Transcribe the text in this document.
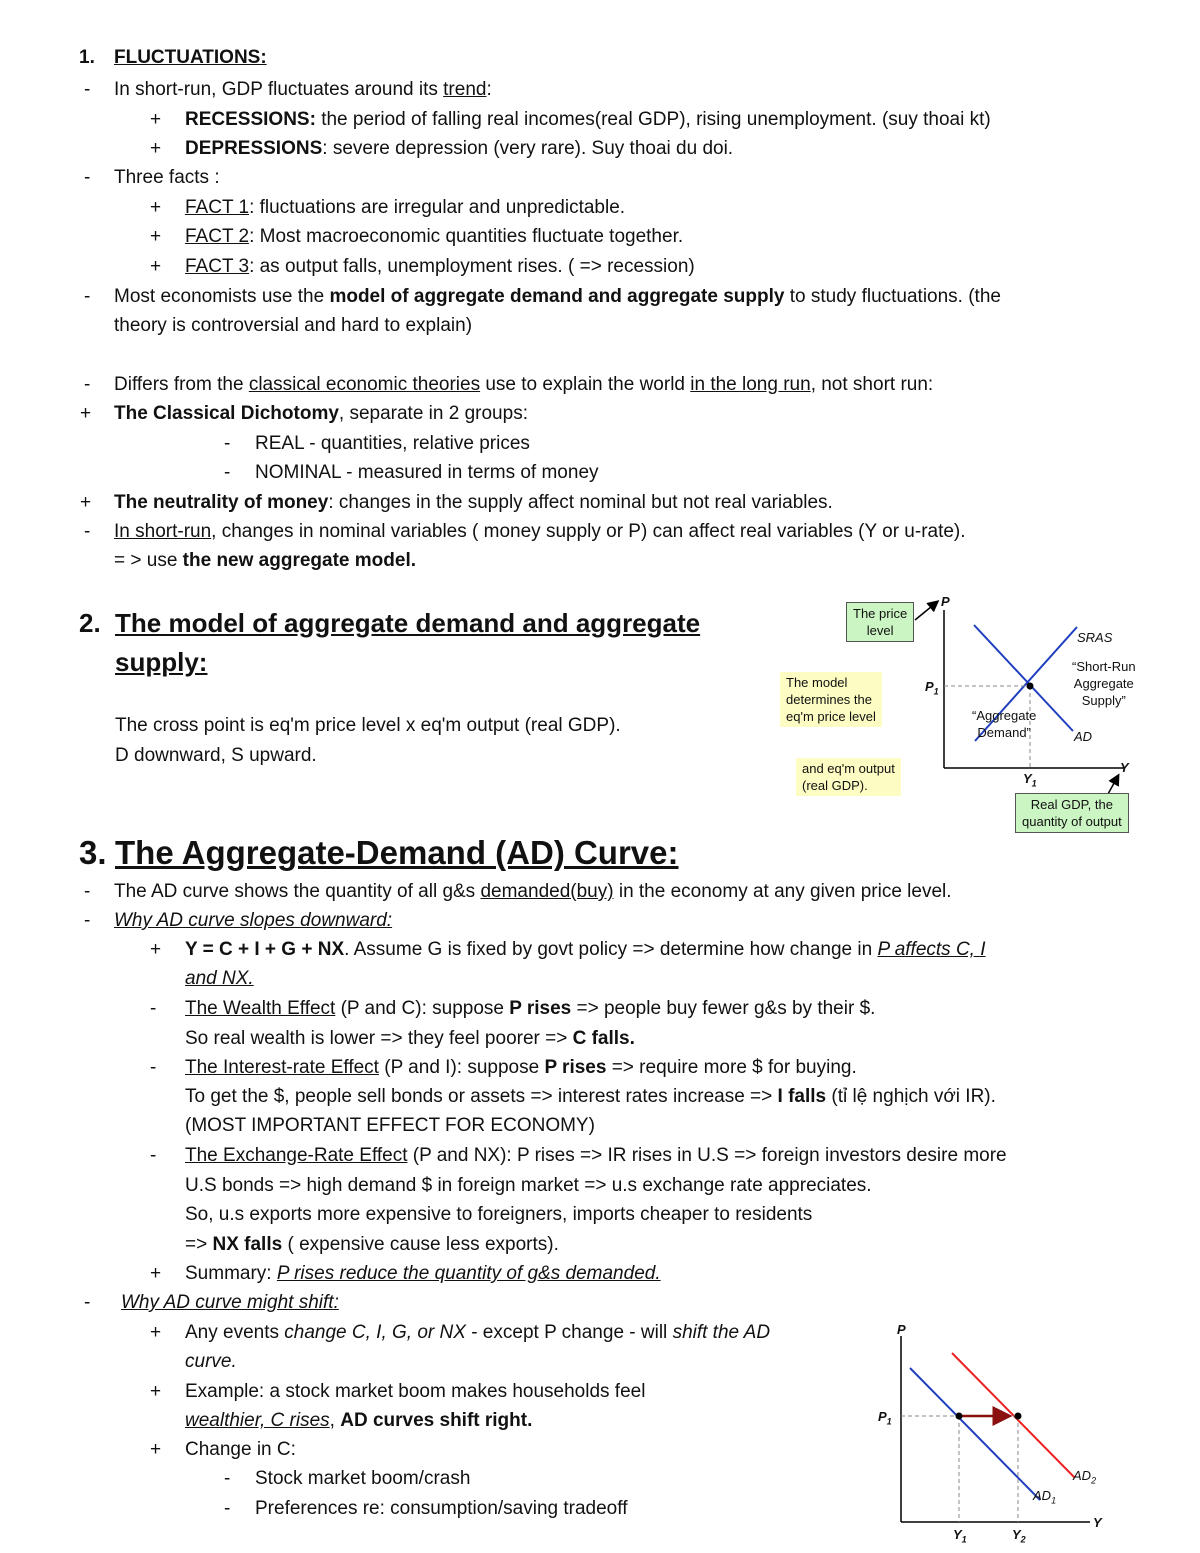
1. FLUCTUATIONS:
- In short-run, GDP fluctuates around its trend:
+ RECESSIONS: the period of falling real incomes(real GDP), rising unemployment. (suy thoai kt)
+ DEPRESSIONS: severe depression (very rare). Suy thoai du doi.
- Three facts :
+ FACT 1: fluctuations are irregular and unpredictable.
+ FACT 2: Most macroeconomic quantities fluctuate together.
+ FACT 3: as output falls, unemployment rises. ( => recession)
- Most economists use the model of aggregate demand and aggregate supply to study fluctuations. (the
theory is controversial and hard to explain)
- Differs from the classical economic theories use to explain the world in the long run, not short run:
+ The Classical Dichotomy, separate in 2 groups:
- REAL - quantities, relative prices
- NOMINAL - measured in terms of money
+ The neutrality of money: changes in the supply affect nominal but not real variables.
- In short-run, changes in nominal variables ( money supply or P) can affect real variables (Y or u-rate).
= > use the new aggregate model.
2. The model of aggregate demand and aggregate
supply:
The cross point is eq'm price level x eq'm output (real GDP).
D downward, S upward.
The price
level
The model
determines the
eq'm price level
and eq'm output
(real GDP).
Real GDP, the
quantity of output
P
Y
$P_1$
$Y_1$
SRAS
“Short-Run
Aggregate
Supply”
AD
“Aggregate
Demand”
3. The Aggregate-Demand (AD) Curve:
- The AD curve shows the quantity of all g&s demanded(buy) in the economy at any given price level.
- Why AD curve slopes downward:
+ Y = C + I + G + NX. Assume G is fixed by govt policy => determine how change in P affects C, I
and NX.
- The Wealth Effect (P and C): suppose P rises => people buy fewer g&s by their $.
So real wealth is lower => they feel poorer => C falls.
- The Interest-rate Effect (P and I): suppose P rises => require more $ for buying.
To get the $, people sell bonds or assets => interest rates increase => I falls (tỉ lệ nghịch với IR).
(MOST IMPORTANT EFFECT FOR ECONOMY)
- The Exchange-Rate Effect (P and NX): P rises => IR rises in U.S => foreign investors desire more
U.S bonds => high demand $ in foreign market => u.s exchange rate appreciates.
So, u.s exports more expensive to foreigners, imports cheaper to residents
=> NX falls ( expensive cause less exports).
+ Summary: P rises reduce the quantity of g&s demanded.
- Why AD curve might shift:
+ Any events change C, I, G, or NX - except P change - will shift the AD
curve.
+ Example: a stock market boom makes households feel
wealthier, C rises, AD curves shift right.
+ Change in C:
- Stock market boom/crash
- Preferences re: consumption/saving tradeoff
P
Y
$P_1$
$Y_1$	$Y_2$
$AD_1$
$AD_2$
